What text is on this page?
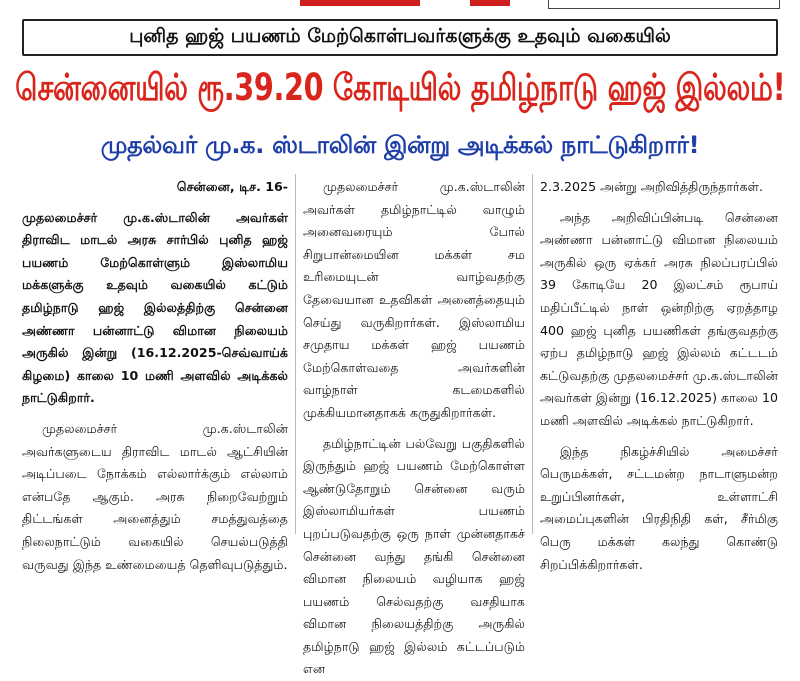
புனித ஹஜ் பயணம் மேற்கொள்பவர்களுக்கு உதவும் வகையில்
சென்னையில் ரூ.39.20 கோடியில் தமிழ்நாடு ஹஜ் இல்லம்!
முதல்வர் மு.க. ஸ்டாலின் இன்று அடிக்கல் நாட்டுகிறார்!

சென்னை, டிச. 16-

முதலமைச்சர் மு.க.ஸ்டாலின் அவர்கள் திராவிட மாடல் அரசு சார்பில் புனித ஹஜ் பயணம் மேற்கொள்ளும் இஸ்லாமிய மக்களுக்கு உதவும் வகையில் கட்டும் தமிழ்நாடு ஹஜ் இல்லத்திற்கு சென்னை அண்ணா பன்னாட்டு விமான நிலையம் அருகில் இன்று (16.12.2025-செவ்வாய்க் கிழமை) காலை 10 மணி அளவில் அடிக்கல் நாட்டுகிறார்.

முதலமைச்சர் மு.க.ஸ்டாலின் அவர்களுடைய திராவிட மாடல் ஆட்சியின் அடிப்படை நோக்கம் எல்லார்க்கும் எல்லாம் என்பதே ஆகும். அரசு நிறைவேற்றும் திட்டங்கள் அனைத்தும் சமத்துவத்தை நிலைநாட்டும் வகையில் செயல்படுத்தி வருவது இந்த உண்மையைத் தெளிவுபடுத்தும்.

முதலமைச்சர் மு.க.ஸ்டாலின் அவர்கள் தமிழ்நாட்டில் வாழும் அனைவரையும் போல் சிறுபான்மையின மக்கள் சம உரிமையுடன் வாழ்வதற்கு தேவையான உதவிகள் அனைத்தையும் செய்து வருகிறார்கள். இஸ்லாமிய சமுதாய மக்கள் ஹஜ் பயணம் மேற்கொள்வதை அவர்களின் வாழ்நாள் கடமைகளில் முக்கியமானதாகக் கருதுகிறார்கள்.

தமிழ்நாட்டின் பல்வேறு பகுதிகளில் இருந்தும் ஹஜ் பயணம் மேற்கொள்ள ஆண்டுதோறும் சென்னை வரும் இஸ்லாமியர்கள் பயணம் புறப்படுவதற்கு ஒரு நாள் முன்னதாகச் சென்னை வந்து தங்கி சென்னை விமான நிலையம் வழியாக ஹஜ் பயணம் செல்வதற்கு வசதியாக விமான நிலையத்திற்கு அருகில் தமிழ்நாடு ஹஜ் இல்லம் கட்டப்படும் என

2.3.2025 அன்று அறிவித்திருந்தார்கள்.

அந்த அறிவிப்பின்படி சென்னை அண்ணா பன்னாட்டு விமான நிலையம் அருகில் ஒரு ஏக்கர் அரசு நிலப்பரப்பில் 39 கோடியே 20 இலட்சம் ரூபாய் மதிப்பீட்டில் நாள் ஒன்றிற்கு ஏறத்தாழ 400 ஹஜ் புனித பயணிகள் தங்குவதற்கு ஏற்ப தமிழ்நாடு ஹஜ் இல்லம் கட்டடம் கட்டுவதற்கு முதலமைச்சர் மு.க.ஸ்டாலின் அவர்கள் இன்று (16.12.2025) காலை 10 மணி அளவில் அடிக்கல் நாட்டுகிறார்.

இந்த நிகழ்ச்சியில் அமைச்சர் பெருமக்கள், சட்டமன்ற நாடாளுமன்ற உறுப்பினர்கள், உள்ளாட்சி அமைப்புகளின் பிரதிநிதி கள், சீர்மிகு பெரு மக்கள் கலந்து கொண்டு சிறப்பிக்கிறார்கள்.
